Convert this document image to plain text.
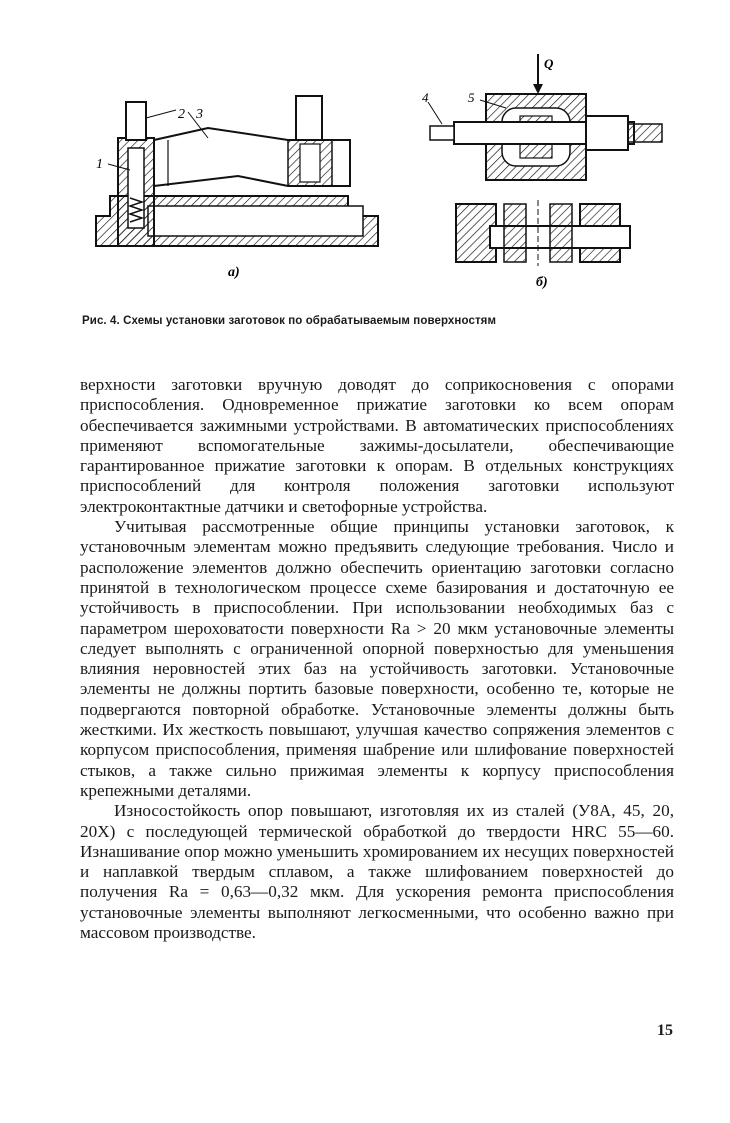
2 3
1
а)
Q
4	5
б)
Рис. 4. Схемы установки заготовок по обрабатываемым поверхностям

верхности заготовки вручную доводят до соприкосновения с опорами приспособления. Одновременное прижатие заготовки ко всем опорам обеспечивается зажимными устройствами. В автоматических приспособлениях применяют вспомогательные зажимы-досылатели, обеспечивающие гарантированное прижатие заготовки к опорам. В отдельных конструкциях приспособлений для контроля положения заготовки используют электроконтактные датчики и светофорные устройства.

Учитывая рассмотренные общие принципы установки заготовок, к установочным элементам можно предъявить следующие требования. Число и расположение элементов должно обеспечить ориентацию заготовки согласно принятой в технологическом процессе схеме базирования и достаточную ее устойчивость в приспособлении. При использовании необходимых баз с параметром шероховатости поверхности Ra > 20 мкм установочные элементы следует выполнять с ограниченной опорной поверхностью для уменьшения влияния неровностей этих баз на устойчивость заготовки. Установочные элементы не должны портить базовые поверхности, особенно те, которые не подвергаются повторной обработке. Установочные элементы должны быть жесткими. Их жесткость повышают, улучшая качество сопряжения элементов с корпусом приспособления, применяя шабрение или шлифование поверхностей стыков, а также сильно прижимая элементы к корпусу приспособления крепежными деталями.

Износостойкость опор повышают, изготовляя их из сталей (У8А, 45, 20, 20Х) с последующей термической обработкой до твердости HRC 55—60. Изнашивание опор можно уменьшить хромированием их несущих поверхностей и наплавкой твердым сплавом, а также шлифованием поверхностей до получения Ra = 0,63—0,32 мкм. Для ускорения ремонта приспособления установочные элементы выполняют легкосменными, что особенно важно при массовом производстве.

15
